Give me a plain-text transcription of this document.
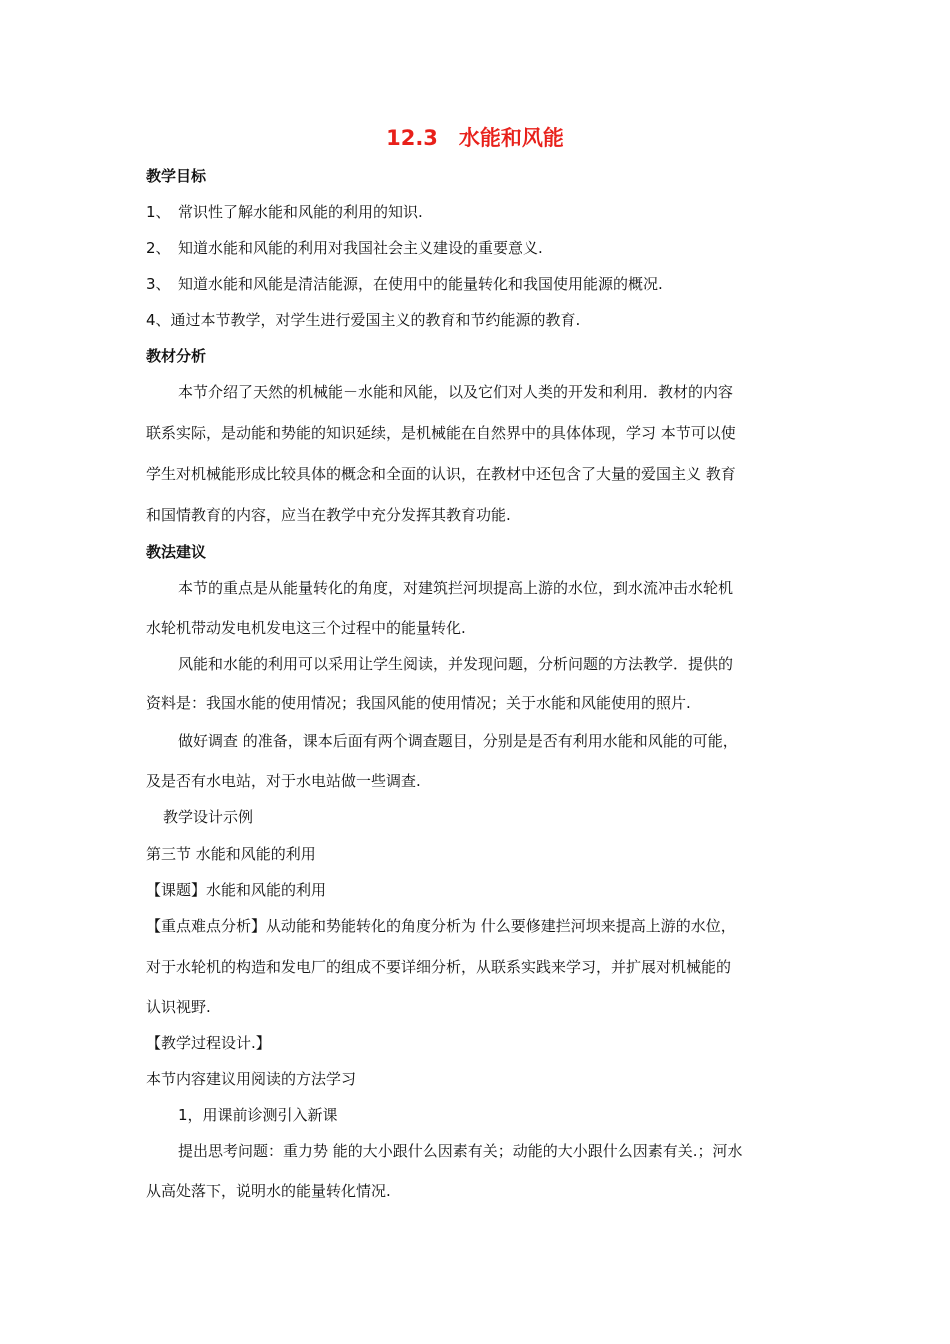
12.3　水能和风能
教学目标
1、　常识性了解水能和风能的利用的知识.
2、　知道水能和风能的利用对我国社会主义建设的重要意义.
3、　知道水能和风能是清洁能源，在使用中的能量转化和我国使用能源的概况.
4、通过本节教学，对学生进行爱国主义的教育和节约能源的教育.
教材分析
本节介绍了天然的机械能－水能和风能，以及它们对人类的开发和利用．教材的内容
联系实际，是动能和势能的知识延续，是机械能在自然界中的具体体现，学习 本节可以使
学生对机械能形成比较具体的概念和全面的认识，在教材中还包含了大量的爱国主义 教育
和国情教育的内容，应当在教学中充分发挥其教育功能.
教法建议
本节的重点是从能量转化的角度，对建筑拦河坝提高上游的水位，到水流冲击水轮机
水轮机带动发电机发电这三个过程中的能量转化.
风能和水能的利用可以采用让学生阅读，并发现问题，分析问题的方法教学．提供的
资料是：我国水能的使用情况；我国风能的使用情况；关于水能和风能使用的照片.
做好调查 的准备，课本后面有两个调查题目，分别是是否有利用水能和风能的可能，
及是否有水电站，对于水电站做一些调查.
教学设计示例
第三节 水能和风能的利用
【课题】水能和风能的利用
【重点难点分析】从动能和势能转化的角度分析为 什么要修建拦河坝来提高上游的水位，
对于水轮机的构造和发电厂的组成不要详细分析，从联系实践来学习，并扩展对机械能的
认识视野.
【教学过程设计.】
本节内容建议用阅读的方法学习
1，用课前诊测引入新课
提出思考问题：重力势 能的大小跟什么因素有关；动能的大小跟什么因素有关.；河水
从高处落下，说明水的能量转化情况.
